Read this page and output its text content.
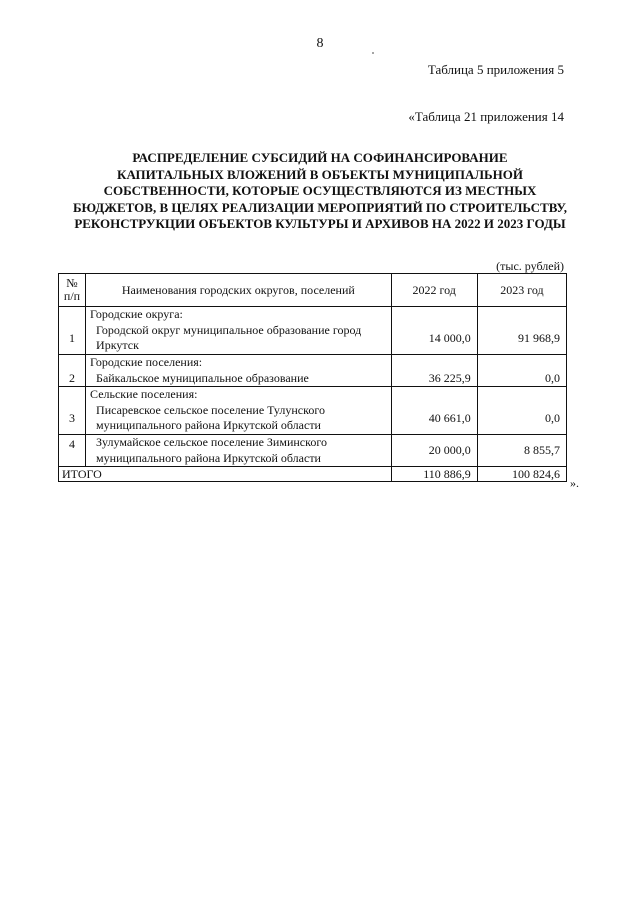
8
Таблица 5 приложения 5
«Таблица 21 приложения 14
РАСПРЕДЕЛЕНИЕ СУБСИДИЙ НА СОФИНАНСИРОВАНИЕ
КАПИТАЛЬНЫХ ВЛОЖЕНИЙ В ОБЪЕКТЫ МУНИЦИПАЛЬНОЙ
СОБСТВЕННОСТИ, КОТОРЫЕ ОСУЩЕСТВЛЯЮТСЯ ИЗ МЕСТНЫХ
БЮДЖЕТОВ, В ЦЕЛЯХ РЕАЛИЗАЦИИ МЕРОПРИЯТИЙ ПО СТРОИТЕЛЬСТВУ,
РЕКОНСТРУКЦИИ ОБЪЕКТОВ КУЛЬТУРЫ И АРХИВОВ НА 2022 И 2023 ГОДЫ
(тыс. рублей)
№
п/п	Наименования городских округов, поселений	2022 год	2023 год
1	Городские округа:
Городской округ муниципальное образование город
Иркутск	14 000,0	91 968,9
2	Городские поселения:
Байкальское муниципальное образование	36 225,9	0,0
3	Сельские поселения:
Писаревское сельское поселение Тулунского
муниципального района Иркутской области	40 661,0	0,0
4	Зулумайское сельское поселение Зиминского
муниципального района Иркутской области	20 000,0	8 855,7
ИТОГО		110 886,9	100 824,6
».
